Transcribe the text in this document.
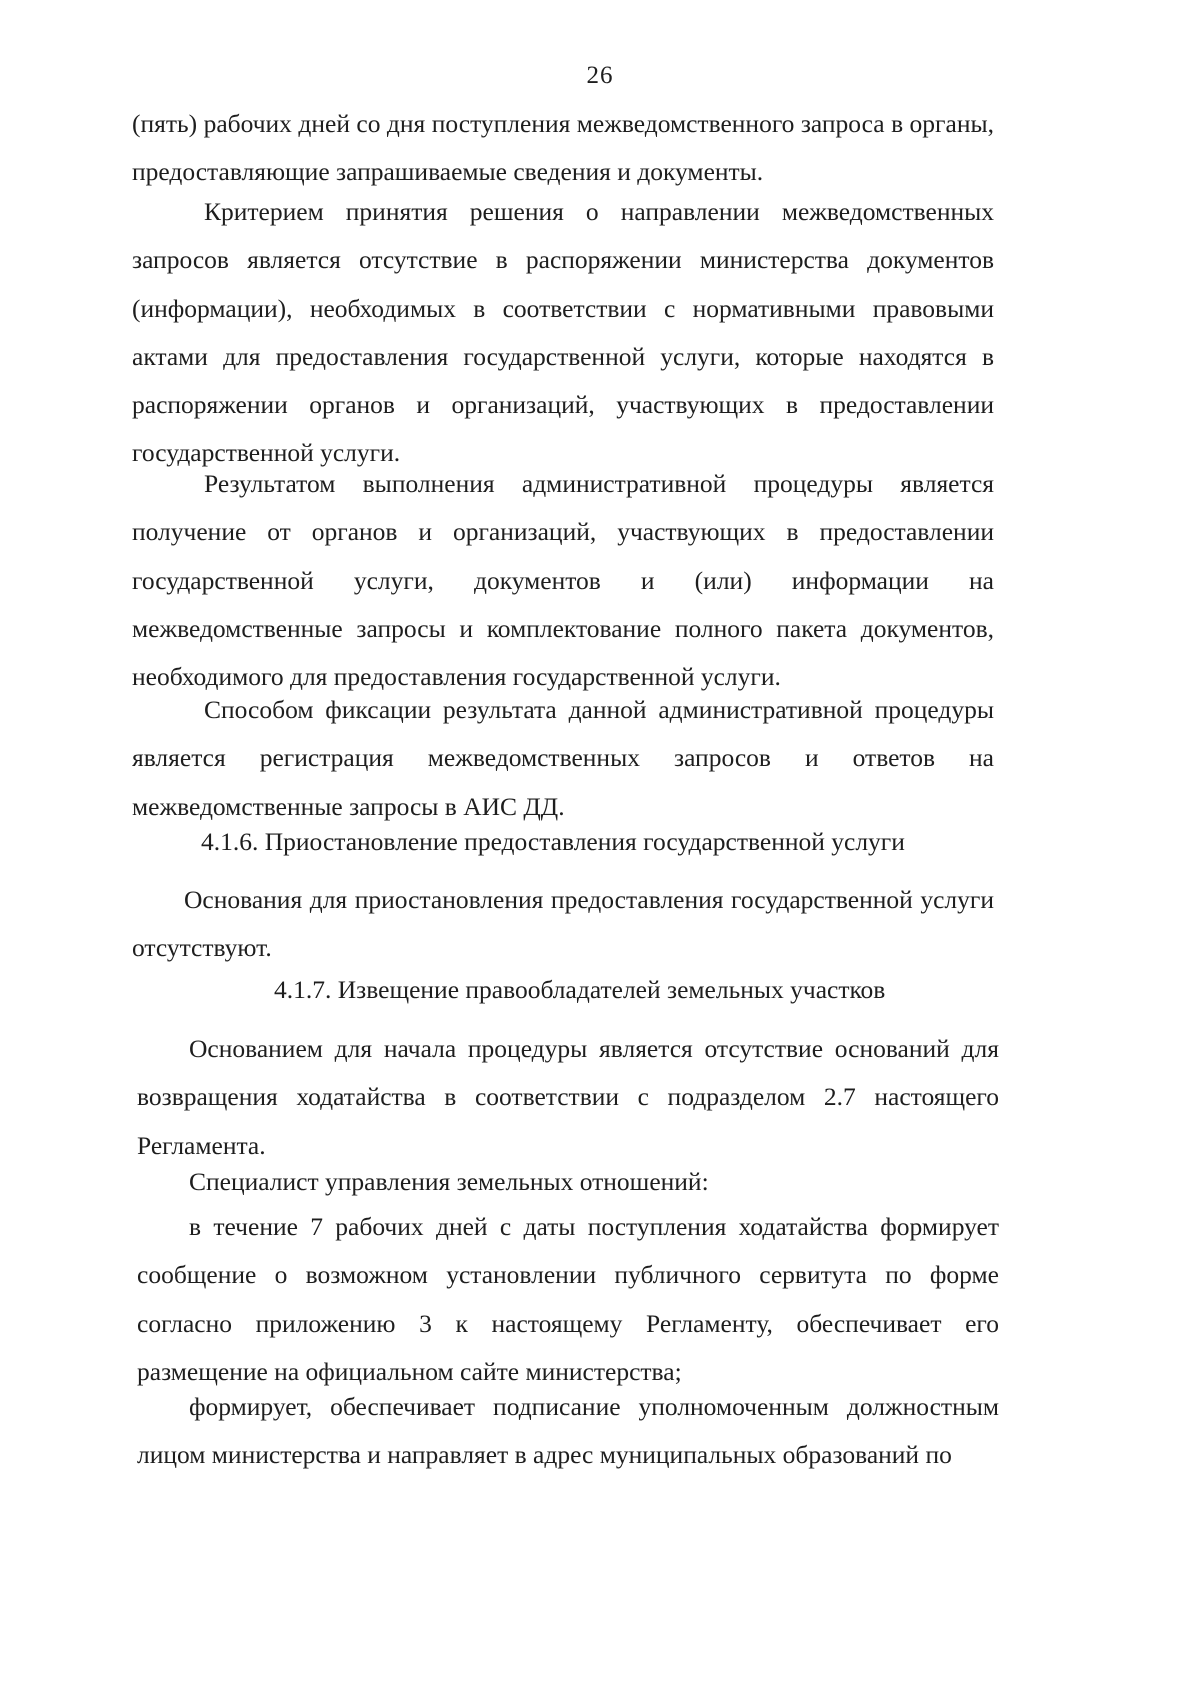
26

(пять) рабочих дней со дня поступления межведомственного запроса в органы, предоставляющие запрашиваемые сведения и документы.

Критерием принятия решения о направлении межведомственных запросов является отсутствие в распоряжении министерства документов (информации), необходимых в соответствии с нормативными правовыми актами для предоставления государственной услуги, которые находятся в распоряжении органов и организаций, участвующих в предоставлении государственной услуги.

Результатом выполнения административной процедуры является получение от органов и организаций, участвующих в предоставлении государственной услуги, документов и (или) информации на межведомственные запросы и комплектование полного пакета документов, необходимого для предоставления государственной услуги.

Способом фиксации результата данной административной процедуры является регистрация межведомственных запросов и ответов на межведомственные запросы в АИС ДД.

4.1.6. Приостановление предоставления государственной услуги

Основания для приостановления предоставления государственной услуги отсутствуют.

4.1.7. Извещение правообладателей земельных участков

Основанием для начала процедуры является отсутствие оснований для возвращения ходатайства в соответствии с подразделом 2.7 настоящего Регламента.

Специалист управления земельных отношений:

в течение 7 рабочих дней с даты поступления ходатайства формирует сообщение о возможном установлении публичного сервитута по форме согласно приложению 3 к настоящему Регламенту, обеспечивает его размещение на официальном сайте министерства;

формирует, обеспечивает подписание уполномоченным должностным лицом министерства и направляет в адрес муниципальных образований по
